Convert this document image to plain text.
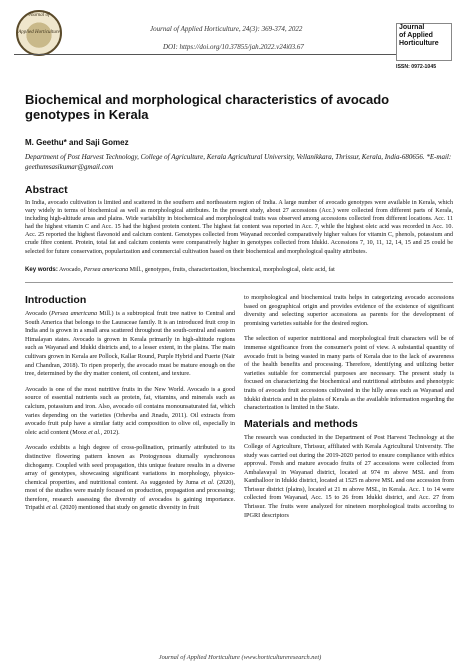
Journal of
Applied Horticulture	Journal of Applied Horticulture, 24(3): 369-374, 2022
DOI: https://doi.org/10.37855/jah.2022.v24i03.67
Journal
of Applied
Horticulture
ISSN: 0972-1045
Biochemical and morphological characteristics of avocado genotypes in Kerala
M. Geethu* and Saji Gomez
Department of Post Harvest Technology, College of Agriculture, Kerala Agricultural University, Vellanikkara, Thrissur, Kerala, India-680656. *E-mail: geethumsasikumar@gmail.com
Abstract
In India, avocado cultivation is limited and scattered in the southern and northeastern region of India. A large number of avocado genotypes were available in Kerala, which vary widely in terms of biochemical as well as morphological attributes. In the present study, about 27 accessions (Acc.) were collected from different parts of Kerala, including high-altitude areas and plains. Wide variability in biochemical and morphological traits was observed among accessions collected from different locations. Acc. 11 had the highest vitamin C and Acc. 15 had the highest protein content. The highest fat content was reported in Acc. 7, while the highest oleic acid was recorded in Acc. 10. Acc. 25 reported the highest flavonoid and calcium content. Genotypes collected from Wayanad recorded comparatively higher values for vitamin C, phenols, potassium and crude fibre content. Protein, total fat and calcium contents were comparatively higher in genotypes collected from Idukki. Accessions 7, 10, 11, 12, 14, 15 and 25 could be selected for future conservation, popularization and commercial cultivation based on their biochemical and morphological quality attributes.
Key words: Avocado, Persea americana Mill., genotypes, fruits, characterization, biochemical, morphological, oleic acid, fat
Introduction

Avocado (Persea americana Mill.) is a subtropical fruit tree native to Central and South America that belongs to the Lauraceae family. It is an introduced fruit crop in India and is grown in a small area scattered throughout the south-central and eastern Himalayan states. Avocado is grown in Kerala primarily in high-altitude regions such as Wayanad and Idukki districts and, to a lesser extent, in the plains. The main cultivars grown in Kerala are Pollock, Kallar Round, Purple Hybrid and Fuerte (Nair and Chandran, 2018). To ripen properly, the avocado must be mature enough on the tree, determined by the dry matter content, oil content, and texture.

Avocado is one of the most nutritive fruits in the New World. Avocado is a good source of essential nutrients such as protein, fat, vitamins, and minerals such as calcium, potassium and iron. Also, avocado oil contains monounsaturated fat, which varies depending on the varieties (Orhevba and Jinadu, 2011). Oil extracts from avocado fruit pulp have a similar fatty acid composition to olive oil, especially in oleic acid content (Mooz et al., 2012).

Avocado exhibits a high degree of cross-pollination, primarily attributed to its distinctive flowering pattern known as Protogynous diurnally synchronous dichogamy. Coupled with seed propagation, this unique feature results in a diverse array of genotypes, showcasing significant variations in morphology, physico-chemical properties, and nutritional content. As suggested by Juma et al. (2020), most of the studies were mainly focused on production, propagation and processing; therefore, research assessing the diversity of avocados is gaining importance. Tripathi et al. (2020) mentioned that study on genetic diversity in fruit

to morphological and biochemical traits helps in categorizing avocado accessions based on geographical origin and provides evidence of the existence of significant diversity and selecting superior accessions as parents for the development of promising varieties suitable for the desired region.

The selection of superior nutritional and morphological fruit characters will be of immense significance from the consumer's point of view. A substantial quantity of avocado fruit is being wasted in many parts of Kerala due to the lack of awareness of the health benefits and processing. Therefore, identifying and utilizing better varieties suitable for commercial purposes are necessary. The present study is focused on characterizing the biochemical and nutritional attributes and phenotypic traits of avocado fruit accessions cultivated in the hilly areas such as Wayanad and Idukki districts and in the plains of Kerala as the available information regarding the characterization is limited in the State.

Materials and methods

The research was conducted in the Department of Post Harvest Technology at the College of Agriculture, Thrissur, affiliated with Kerala Agricultural University. The study was carried out during the 2019-2020 period to ensure compliance with ethics approval. Fresh and mature avocado fruits of 27 accessions were collected from Ambalavayal in Wayanad district, located at 974 m above MSL and from Kanthalloor in Idukki district, located at 1525 m above MSL and one accession from Thrissur district (plains), located at 21 m above MSL, in Kerala. Acc. 1 to 14 were collected from Wayanad, Acc. 15 to 26 from Idukki district, and Acc. 27 from Thrissur. The fruits were analyzed for nineteen morphological traits according to IPGRI descriptors

Journal of Applied Horticulture (www.horticultureresearch.net)
